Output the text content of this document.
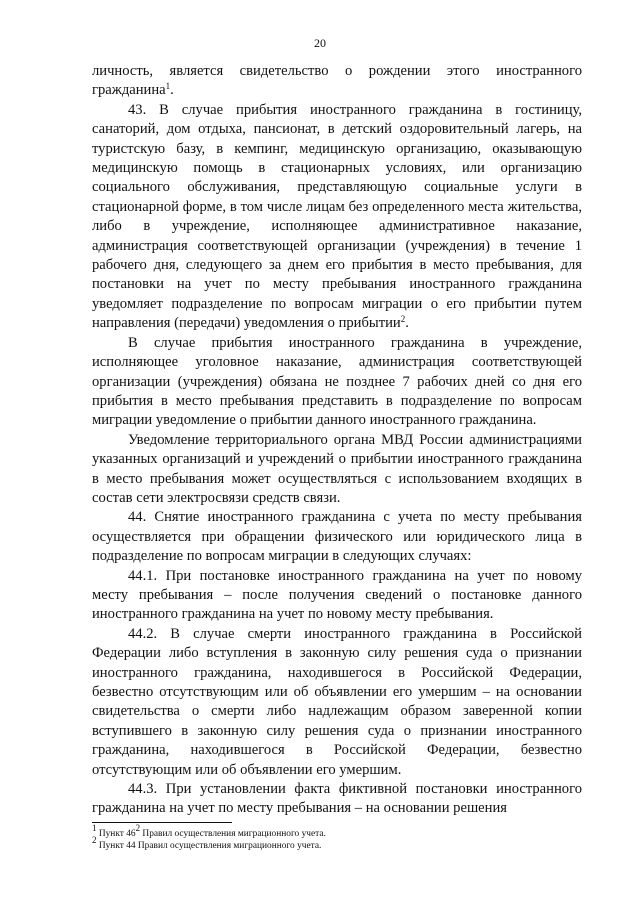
20

личность, является свидетельство о рождении этого иностранного гражданина$^1$.

43. В случае прибытия иностранного гражданина в гостиницу, санаторий, дом отдыха, пансионат, в детский оздоровительный лагерь, на туристскую базу, в кемпинг, медицинскую организацию, оказывающую медицинскую помощь в стационарных условиях, или организацию социального обслуживания, представляющую социальные услуги в стационарной форме, в том числе лицам без определенного места жительства, либо в учреждение, исполняющее административное наказание, администрация соответствующей организации (учреждения) в течение 1 рабочего дня, следующего за днем его прибытия в место пребывания, для постановки на учет по месту пребывания иностранного гражданина уведомляет подразделение по вопросам миграции о его прибытии путем направления (передачи) уведомления о прибытии$^2$.

В случае прибытия иностранного гражданина в учреждение, исполняющее уголовное наказание, администрация соответствующей организации (учреждения) обязана не позднее 7 рабочих дней со дня его прибытия в место пребывания представить в подразделение по вопросам миграции уведомление о прибытии данного иностранного гражданина.

Уведомление территориального органа МВД России администрациями указанных организаций и учреждений о прибытии иностранного гражданина в место пребывания может осуществляться с использованием входящих в состав сети электросвязи средств связи.

44. Снятие иностранного гражданина с учета по месту пребывания осуществляется при обращении физического или юридического лица в подразделение по вопросам миграции в следующих случаях:

44.1. При постановке иностранного гражданина на учет по новому месту пребывания – после получения сведений о постановке данного иностранного гражданина на учет по новому месту пребывания.

44.2. В случае смерти иностранного гражданина в Российской Федерации либо вступления в законную силу решения суда о признании иностранного гражданина, находившегося в Российской Федерации, безвестно отсутствующим или об объявлении его умершим – на основании свидетельства о смерти либо надлежащим образом заверенной копии вступившего в законную силу решения суда о признании иностранного гражданина, находившегося в Российской Федерации, безвестно отсутствующим или об объявлении его умершим.

44.3. При установлении факта фиктивной постановки иностранного гражданина на учет по месту пребывания – на основании решения

$^1$ Пункт $46^2$ Правил осуществления миграционного учета.
$^2$ Пункт 44 Правил осуществления миграционного учета.
